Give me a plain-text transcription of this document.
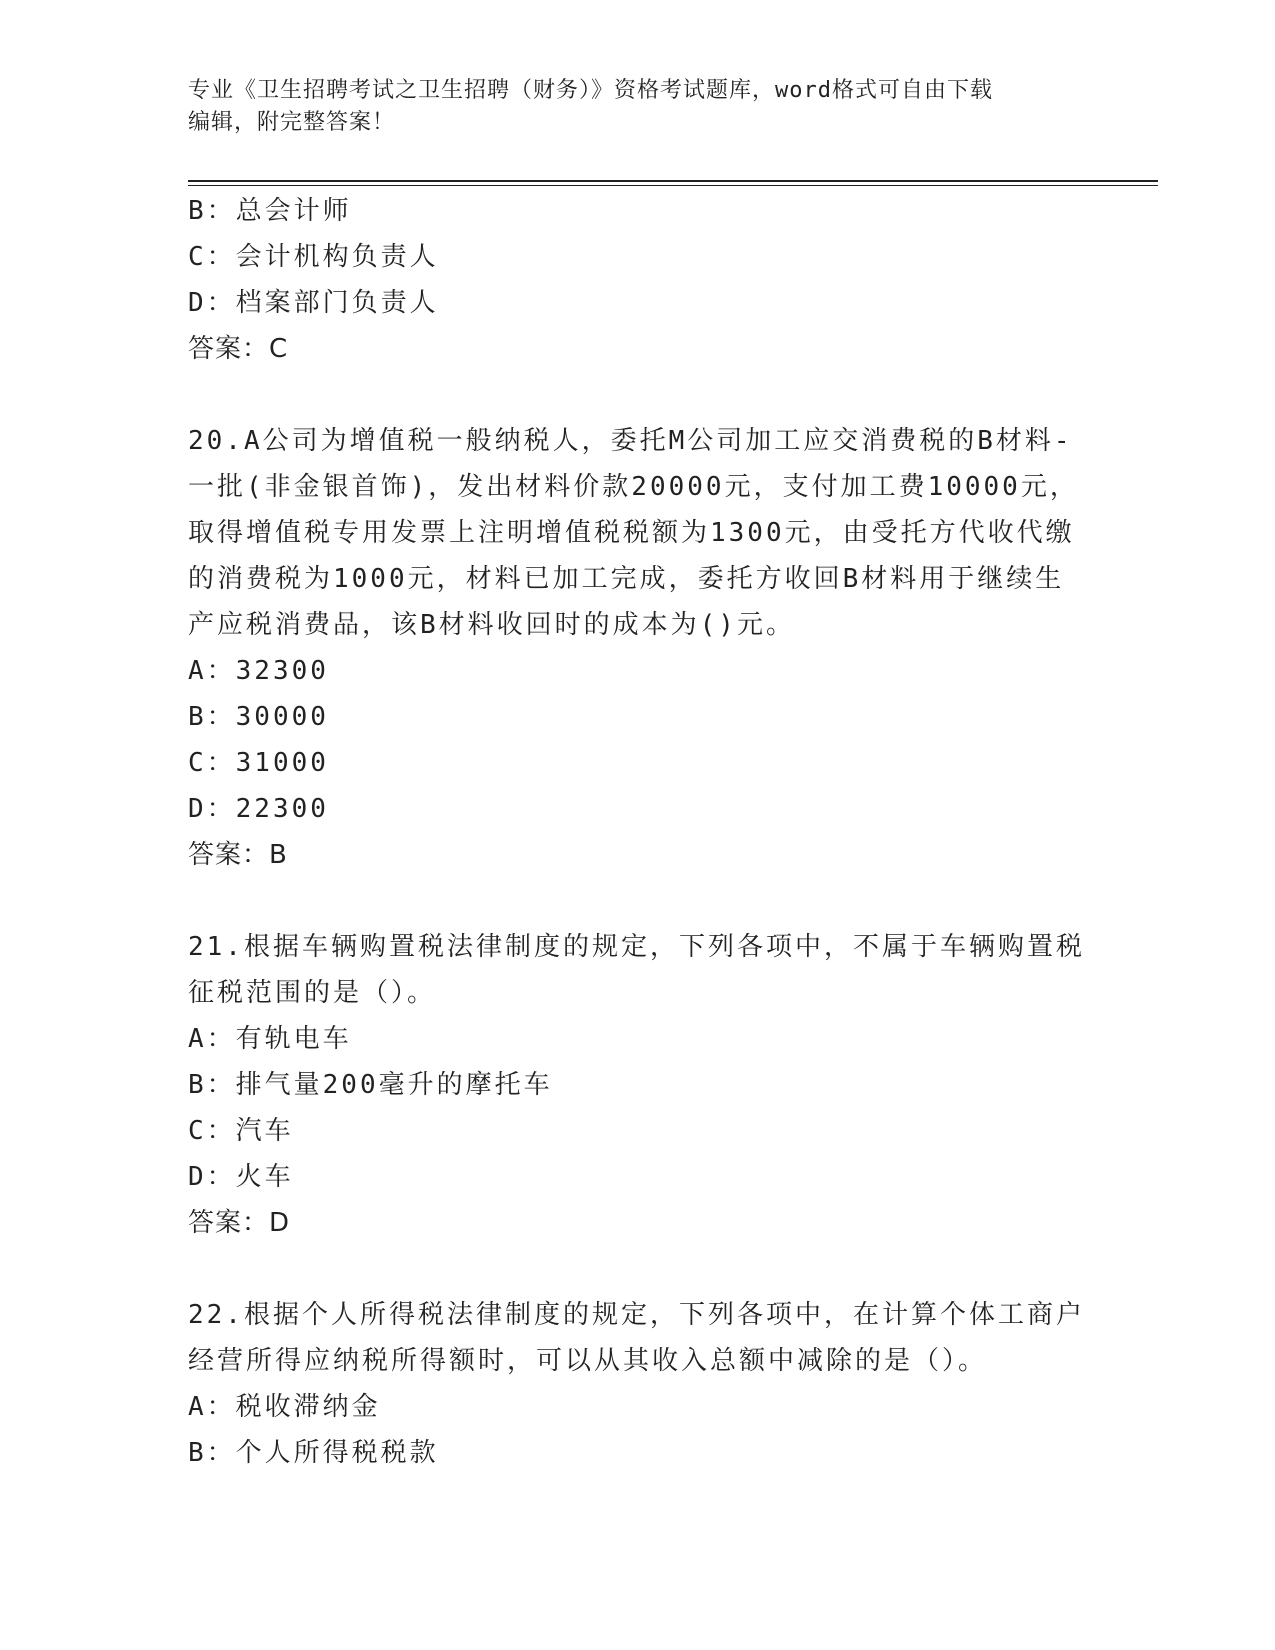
专业《卫生招聘考试之卫生招聘（财务）》资格考试题库，word格式可自由下载
编辑，附完整答案！
B：总会计师
C：会计机构负责人
D：档案部门负责人
答案：C
20.A公司为增值税一般纳税人，委托M公司加工应交消费税的B材料-
一批(非金银首饰)，发出材料价款20000元，支付加工费10000元，
取得增值税专用发票上注明增值税税额为1300元，由受托方代收代缴
的消费税为1000元，材料已加工完成，委托方收回B材料用于继续生
产应税消费品，该B材料收回时的成本为()元。
A：32300
B：30000
C：31000
D：22300
答案：B
21.根据车辆购置税法律制度的规定，下列各项中，不属于车辆购置税
征税范围的是（）。
A：有轨电车
B：排气量200毫升的摩托车
C：汽车
D：火车
答案：D
22.根据个人所得税法律制度的规定，下列各项中，在计算个体工商户
经营所得应纳税所得额时，可以从其收入总额中减除的是（）。
A：税收滞纳金
B：个人所得税税款
